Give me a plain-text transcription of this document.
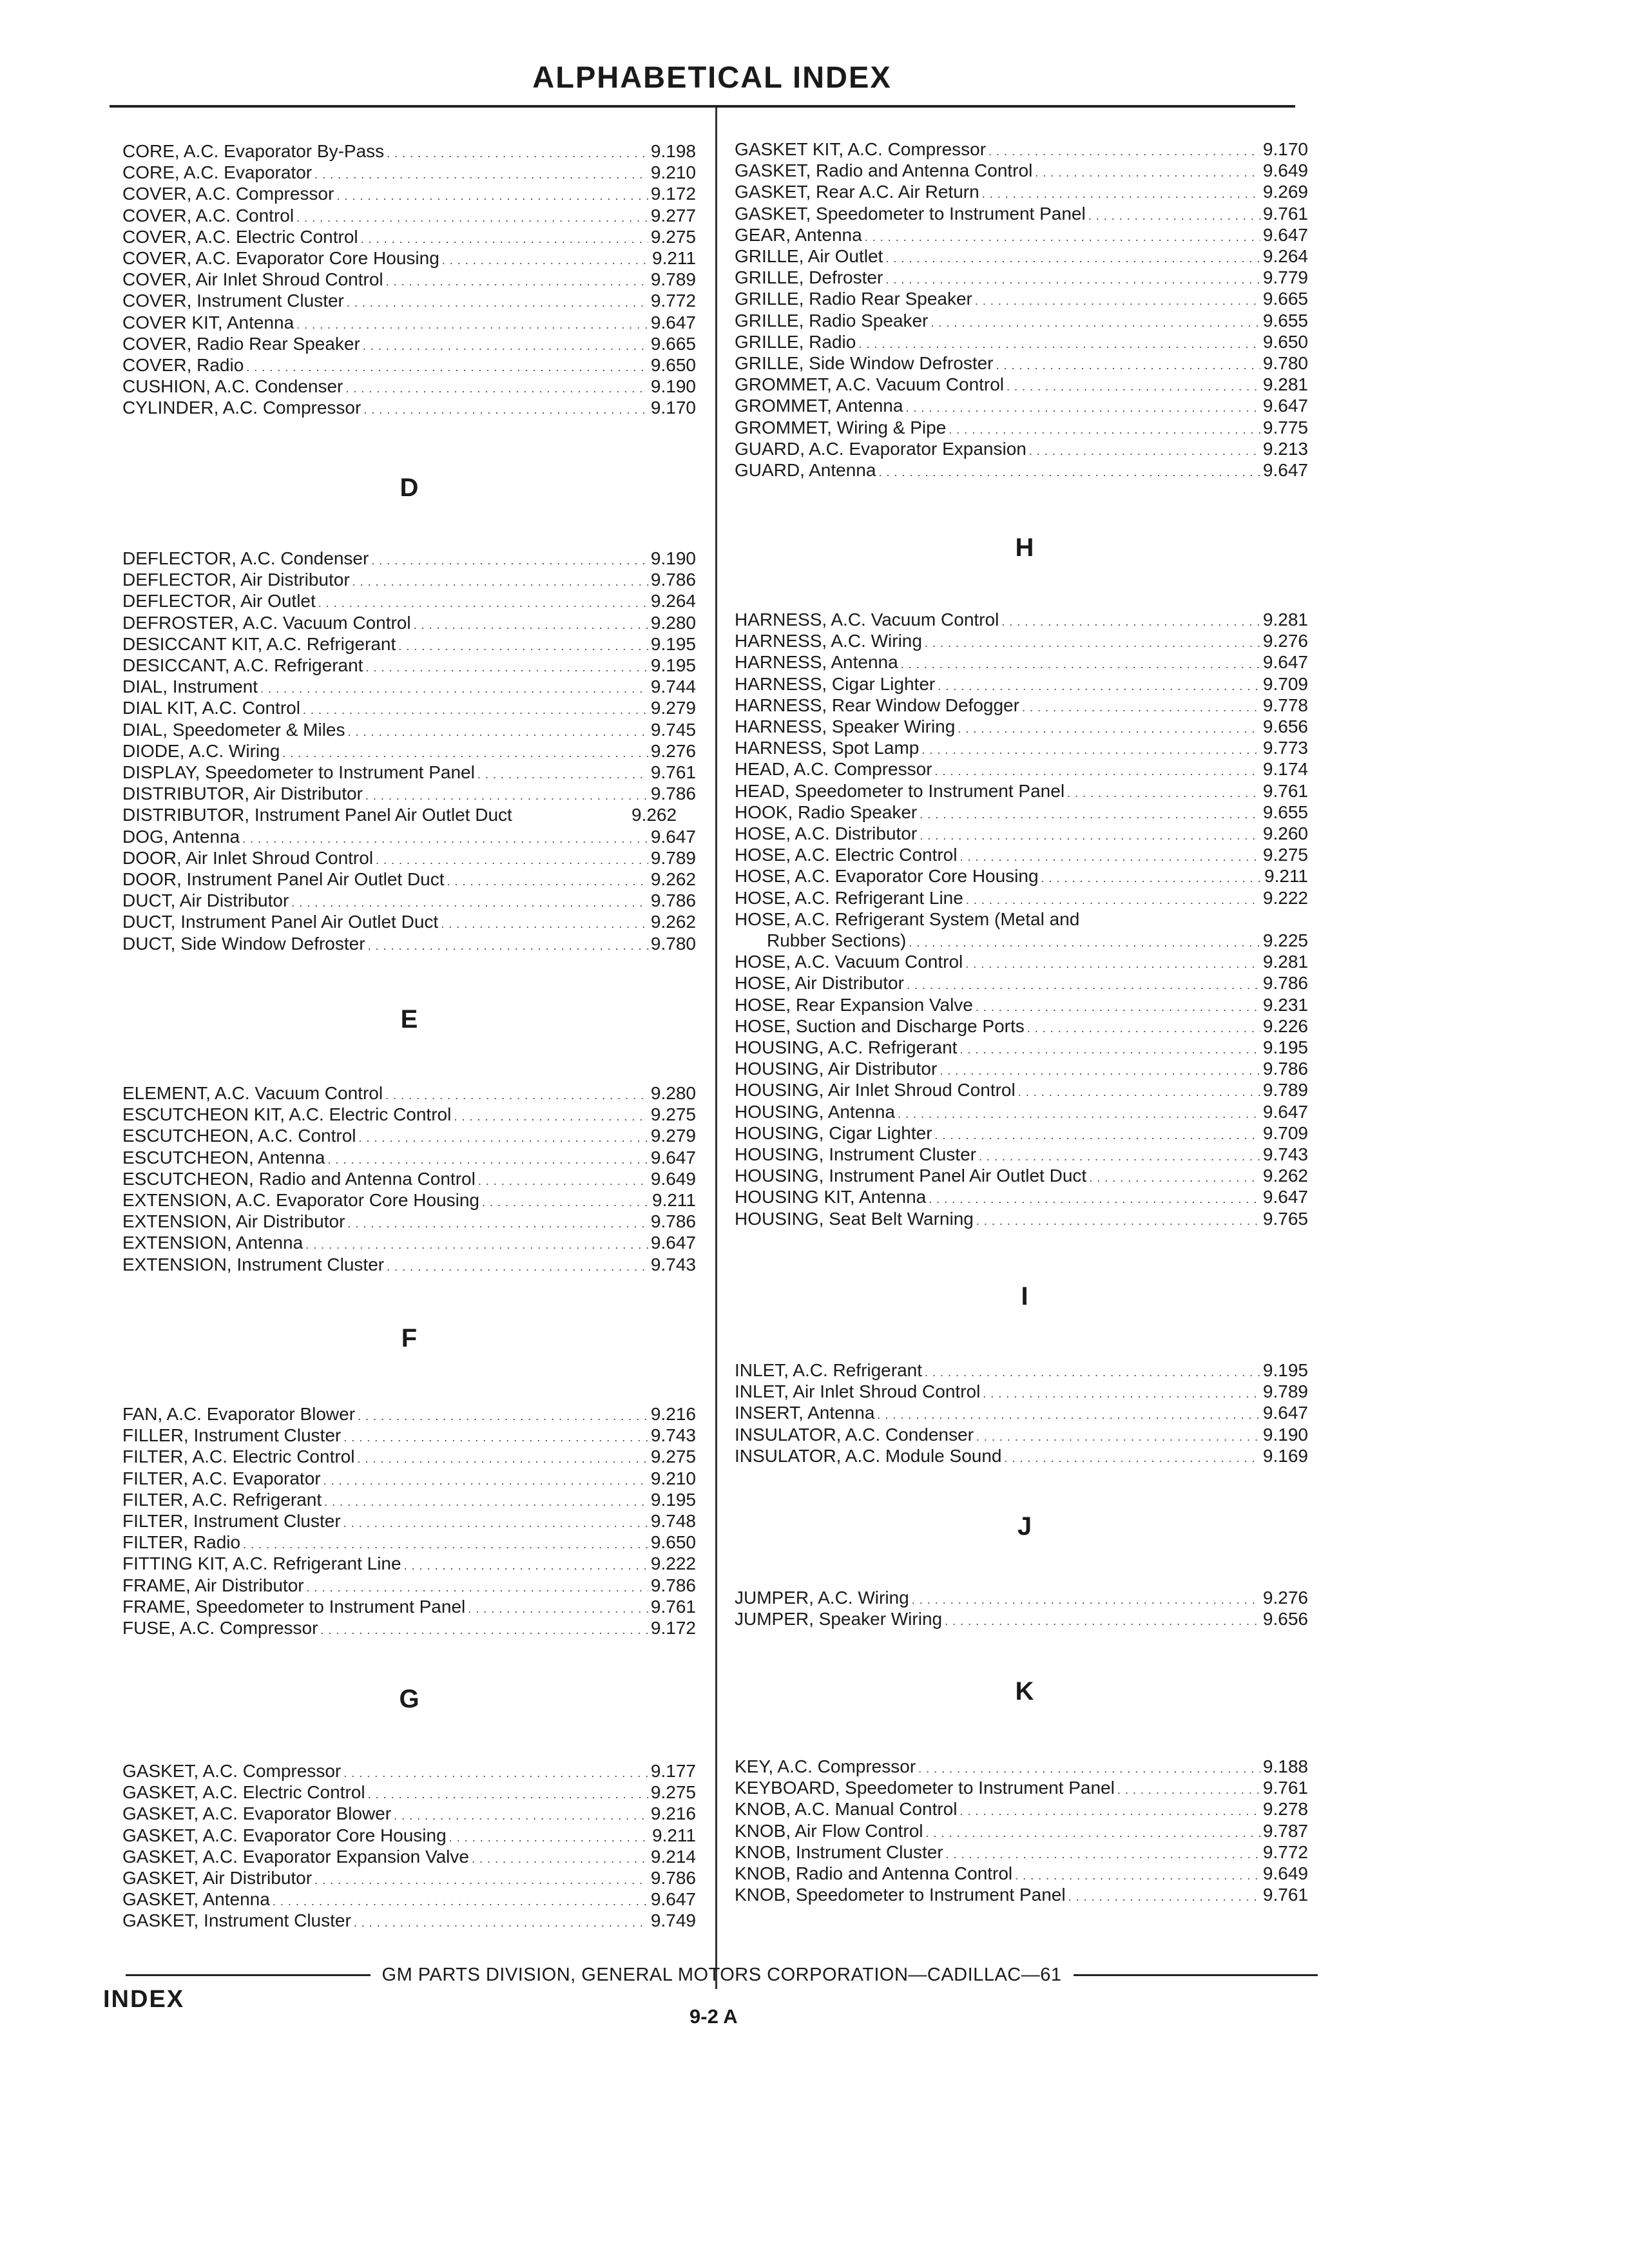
ALPHABETICAL INDEX
CORE, A.C. Evaporator By-Pass . . .	9.198
CORE, A.C. Evaporator . . .	9.210
COVER, A.C. Compressor . . .	9.172
COVER, A.C. Control . . .	9.277
COVER, A.C. Electric Control . . .	9.275
COVER, A.C. Evaporator Core Housing . . .	9.211
COVER, Air Inlet Shroud Control . . .	9.789
COVER, Instrument Cluster . . .	9.772
COVER KIT, Antenna . . .	9.647
COVER, Radio Rear Speaker . . .	9.665
COVER, Radio . . .	9.650
CUSHION, A.C. Condenser . . .	9.190
CYLINDER, A.C. Compressor . . .	9.170
D
DEFLECTOR, A.C. Condenser . . .	9.190
DEFLECTOR, Air Distributor . . .	9.786
DEFLECTOR, Air Outlet . . .	9.264
DEFROSTER, A.C. Vacuum Control . . .	9.280
DESICCANT KIT, A.C. Refrigerant . . .	9.195
DESICCANT, A.C. Refrigerant . . .	9.195
DIAL, Instrument . . .	9.744
DIAL KIT, A.C. Control . . .	9.279
DIAL, Speedometer & Miles . . .	9.745
DIODE, A.C. Wiring . . .	9.276
DISPLAY, Speedometer to Instrument Panel . . .	9.761
DISTRIBUTOR, Air Distributor . . .	9.786
DISTRIBUTOR, Instrument Panel Air Outlet Duct	9.262
DOG, Antenna . . .	9.647
DOOR, Air Inlet Shroud Control . . .	9.789
DOOR, Instrument Panel Air Outlet Duct . . .	9.262
DUCT, Air Distributor . . .	9.786
DUCT, Instrument Panel Air Outlet Duct . . .	9.262
DUCT, Side Window Defroster . . .	9.780
E
ELEMENT, A.C. Vacuum Control . . .	9.280
ESCUTCHEON KIT, A.C. Electric Control . . .	9.275
ESCUTCHEON, A.C. Control . . .	9.279
ESCUTCHEON, Antenna . . .	9.647
ESCUTCHEON, Radio and Antenna Control . . .	9.649
EXTENSION, A.C. Evaporator Core Housing . . .	9.211
EXTENSION, Air Distributor . . .	9.786
EXTENSION, Antenna . . .	9.647
EXTENSION, Instrument Cluster . . .	9.743
F
FAN, A.C. Evaporator Blower . . .	9.216
FILLER, Instrument Cluster . . .	9.743
FILTER, A.C. Electric Control . . .	9.275
FILTER, A.C. Evaporator . . .	9.210
FILTER, A.C. Refrigerant . . .	9.195
FILTER, Instrument Cluster . . .	9.748
FILTER, Radio . . .	9.650
FITTING KIT, A.C. Refrigerant Line . . .	9.222
FRAME, Air Distributor . . .	9.786
FRAME, Speedometer to Instrument Panel . . .	9.761
FUSE, A.C. Compressor . . .	9.172
G
GASKET, A.C. Compressor . . .	9.177
GASKET, A.C. Electric Control . . .	9.275
GASKET, A.C. Evaporator Blower . . .	9.216
GASKET, A.C. Evaporator Core Housing . . .	9.211
GASKET, A.C. Evaporator Expansion Valve . . .	9.214
GASKET, Air Distributor . . .	9.786
GASKET, Antenna . . .	9.647
GASKET, Instrument Cluster . . .	9.749
GASKET KIT, A.C. Compressor . . .	9.170
GASKET, Radio and Antenna Control . . .	9.649
GASKET, Rear A.C. Air Return . . .	9.269
GASKET, Speedometer to Instrument Panel . . .	9.761
GEAR, Antenna . . .	9.647
GRILLE, Air Outlet . . .	9.264
GRILLE, Defroster . . .	9.779
GRILLE, Radio Rear Speaker . . .	9.665
GRILLE, Radio Speaker . . .	9.655
GRILLE, Radio . . .	9.650
GRILLE, Side Window Defroster . . .	9.780
GROMMET, A.C. Vacuum Control . . .	9.281
GROMMET, Antenna . . .	9.647
GROMMET, Wiring & Pipe . . .	9.775
GUARD, A.C. Evaporator Expansion . . .	9.213
GUARD, Antenna . . .	9.647
H
HARNESS, A.C. Vacuum Control . . .	9.281
HARNESS, A.C. Wiring . . .	9.276
HARNESS, Antenna . . .	9.647
HARNESS, Cigar Lighter . . .	9.709
HARNESS, Rear Window Defogger . . .	9.778
HARNESS, Speaker Wiring . . .	9.656
HARNESS, Spot Lamp . . .	9.773
HEAD, A.C. Compressor . . .	9.174
HEAD, Speedometer to Instrument Panel . . .	9.761
HOOK, Radio Speaker . . .	9.655
HOSE, A.C. Distributor . . .	9.260
HOSE, A.C. Electric Control . . .	9.275
HOSE, A.C. Evaporator Core Housing . . .	9.211
HOSE, A.C. Refrigerant Line . . .	9.222
HOSE, A.C. Refrigerant System (Metal and
Rubber Sections) . . .	9.225
HOSE, A.C. Vacuum Control . . .	9.281
HOSE, Air Distributor . . .	9.786
HOSE, Rear Expansion Valve . . .	9.231
HOSE, Suction and Discharge Ports . . .	9.226
HOUSING, A.C. Refrigerant . . .	9.195
HOUSING, Air Distributor . . .	9.786
HOUSING, Air Inlet Shroud Control . . .	9.789
HOUSING, Antenna . . .	9.647
HOUSING, Cigar Lighter . . .	9.709
HOUSING, Instrument Cluster . . .	9.743
HOUSING, Instrument Panel Air Outlet Duct . . .	9.262
HOUSING KIT, Antenna . . .	9.647
HOUSING, Seat Belt Warning . . .	9.765
I
INLET, A.C. Refrigerant . . .	9.195
INLET, Air Inlet Shroud Control . . .	9.789
INSERT, Antenna . . .	9.647
INSULATOR, A.C. Condenser . . .	9.190
INSULATOR, A.C. Module Sound . . .	9.169
J
JUMPER, A.C. Wiring . . .	9.276
JUMPER, Speaker Wiring . . .	9.656
K
KEY, A.C. Compressor . . .	9.188
KEYBOARD, Speedometer to Instrument Panel . . .	9.761
KNOB, A.C. Manual Control . . .	9.278
KNOB, Air Flow Control . . .	9.787
KNOB, Instrument Cluster . . .	9.772
KNOB, Radio and Antenna Control . . .	9.649
KNOB, Speedometer to Instrument Panel . . .	9.761
GM PARTS DIVISION, GENERAL MOTORS CORPORATION—CADILLAC—61
INDEX
9-2 A
